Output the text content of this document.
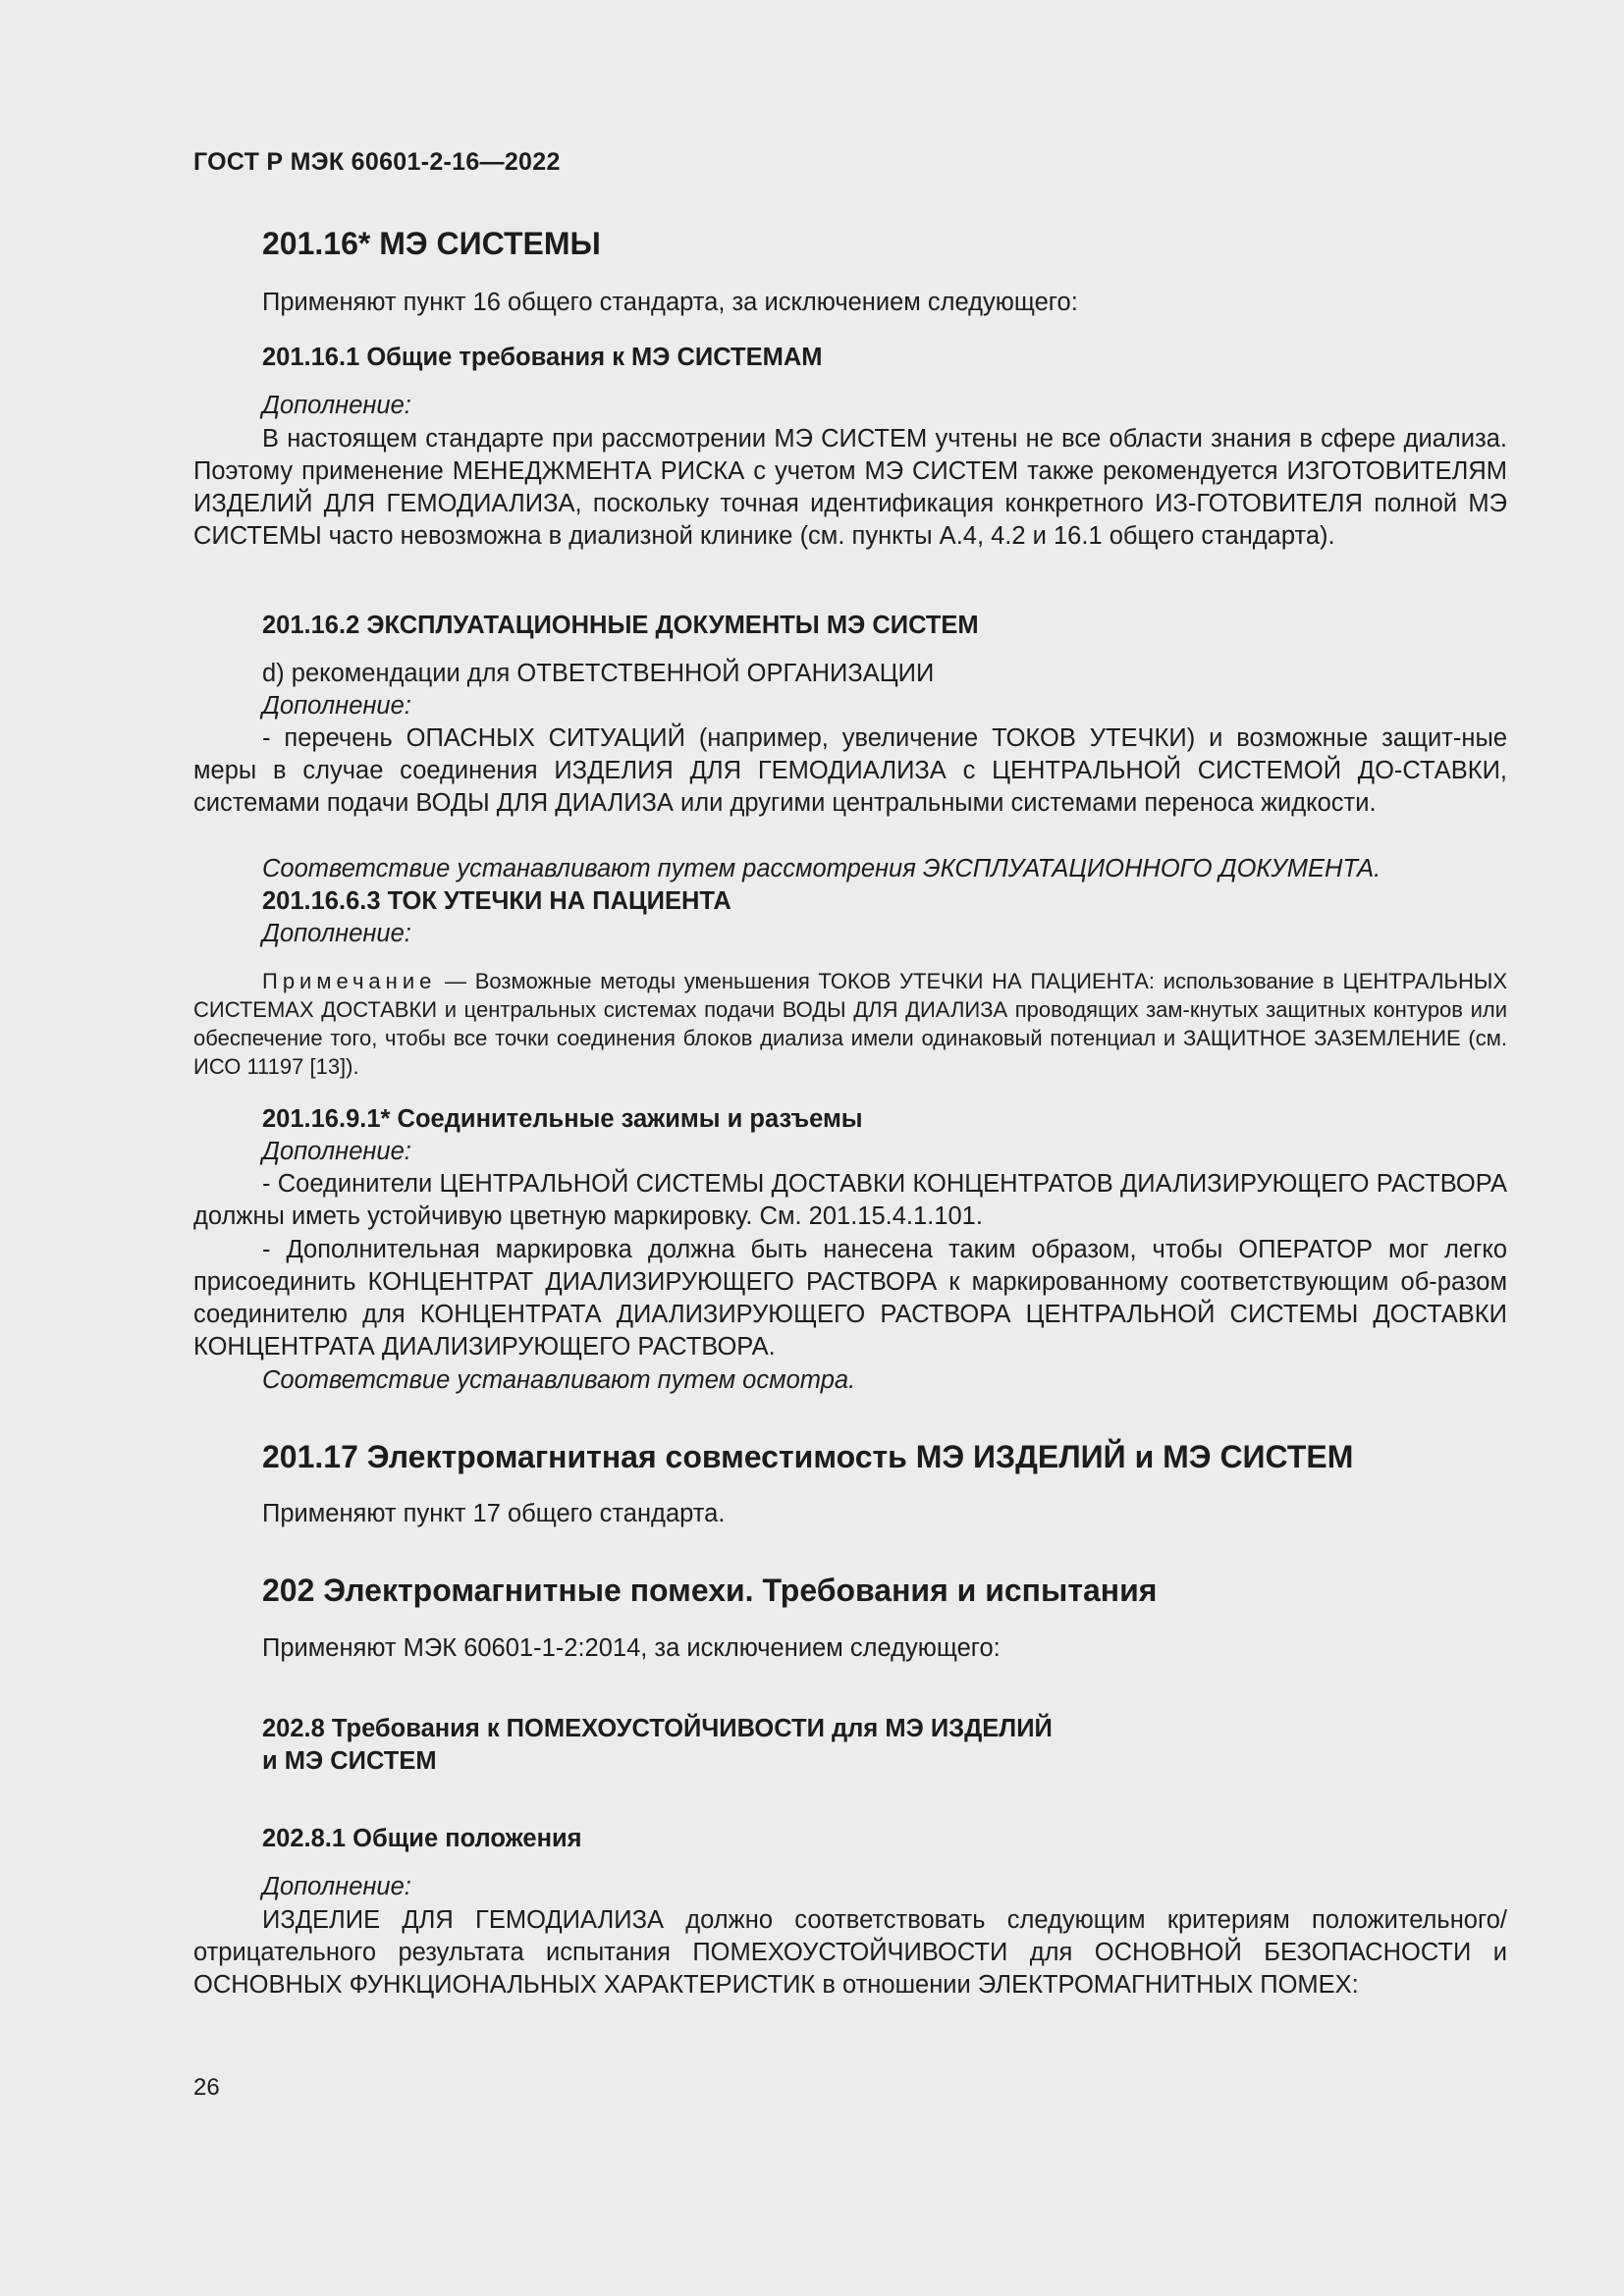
ГОСТ Р МЭК 60601-2-16—2022
201.16* МЭ СИСТЕМЫ
Применяют пункт 16 общего стандарта, за исключением следующего:
201.16.1 Общие требования к МЭ СИСТЕМАМ
Дополнение:
В настоящем стандарте при рассмотрении МЭ СИСТЕМ учтены не все области знания в сфере диализа. Поэтому применение МЕНЕДЖМЕНТА РИСКА с учетом МЭ СИСТЕМ также рекомендуется ИЗГОТОВИТЕЛЯМ ИЗДЕЛИЙ ДЛЯ ГЕМОДИАЛИЗА, поскольку точная идентификация конкретного ИЗ-ГОТОВИТЕЛЯ полной МЭ СИСТЕМЫ часто невозможна в диализной клинике (см. пункты А.4, 4.2 и 16.1 общего стандарта).
201.16.2 ЭКСПЛУАТАЦИОННЫЕ ДОКУМЕНТЫ МЭ СИСТЕМ
d) рекомендации для ОТВЕТСТВЕННОЙ ОРГАНИЗАЦИИ
Дополнение:
- перечень ОПАСНЫХ СИТУАЦИЙ (например, увеличение ТОКОВ УТЕЧКИ) и возможные защит-ные меры в случае соединения ИЗДЕЛИЯ ДЛЯ ГЕМОДИАЛИЗА с ЦЕНТРАЛЬНОЙ СИСТЕМОЙ ДО-СТАВКИ, системами подачи ВОДЫ ДЛЯ ДИАЛИЗА или другими центральными системами переноса жидкости.
Соответствие устанавливают путем рассмотрения ЭКСПЛУАТАЦИОННОГО ДОКУМЕНТА.
201.16.6.3 ТОК УТЕЧКИ НА ПАЦИЕНТА
Дополнение:
Примечание — Возможные методы уменьшения ТОКОВ УТЕЧКИ НА ПАЦИЕНТА: использование в ЦЕНТРАЛЬНЫХ СИСТЕМАХ ДОСТАВКИ и центральных системах подачи ВОДЫ ДЛЯ ДИАЛИЗА проводящих зам-кнутых защитных контуров или обеспечение того, чтобы все точки соединения блоков диализа имели одинаковый потенциал и ЗАЩИТНОЕ ЗАЗЕМЛЕНИЕ (см. ИСО 11197 [13]).
201.16.9.1* Соединительные зажимы и разъемы
Дополнение:
- Соединители ЦЕНТРАЛЬНОЙ СИСТЕМЫ ДОСТАВКИ КОНЦЕНТРАТОВ ДИАЛИЗИРУЮЩЕГО РАСТВОРА должны иметь устойчивую цветную маркировку. См. 201.15.4.1.101.
- Дополнительная маркировка должна быть нанесена таким образом, чтобы ОПЕРАТОР мог легко присоединить КОНЦЕНТРАТ ДИАЛИЗИРУЮЩЕГО РАСТВОРА к маркированному соответствующим об-разом соединителю для КОНЦЕНТРАТА ДИАЛИЗИРУЮЩЕГО РАСТВОРА ЦЕНТРАЛЬНОЙ СИСТЕМЫ ДОСТАВКИ КОНЦЕНТРАТА ДИАЛИЗИРУЮЩЕГО РАСТВОРА.
Соответствие устанавливают путем осмотра.
201.17 Электромагнитная совместимость МЭ ИЗДЕЛИЙ и МЭ СИСТЕМ
Применяют пункт 17 общего стандарта.
202 Электромагнитные помехи. Требования и испытания
Применяют МЭК 60601-1-2:2014, за исключением следующего:
202.8 Требования к ПОМЕХОУСТОЙЧИВОСТИ для МЭ ИЗДЕЛИЙ
и МЭ СИСТЕМ
202.8.1 Общие положения
Дополнение:
ИЗДЕЛИЕ ДЛЯ ГЕМОДИАЛИЗА должно соответствовать следующим критериям положительного/отрицательного результата испытания ПОМЕХОУСТОЙЧИВОСТИ для ОСНОВНОЙ БЕЗОПАСНОСТИ и ОСНОВНЫХ ФУНКЦИОНАЛЬНЫХ ХАРАКТЕРИСТИК в отношении ЭЛЕКТРОМАГНИТНЫХ ПОМЕХ:
26
